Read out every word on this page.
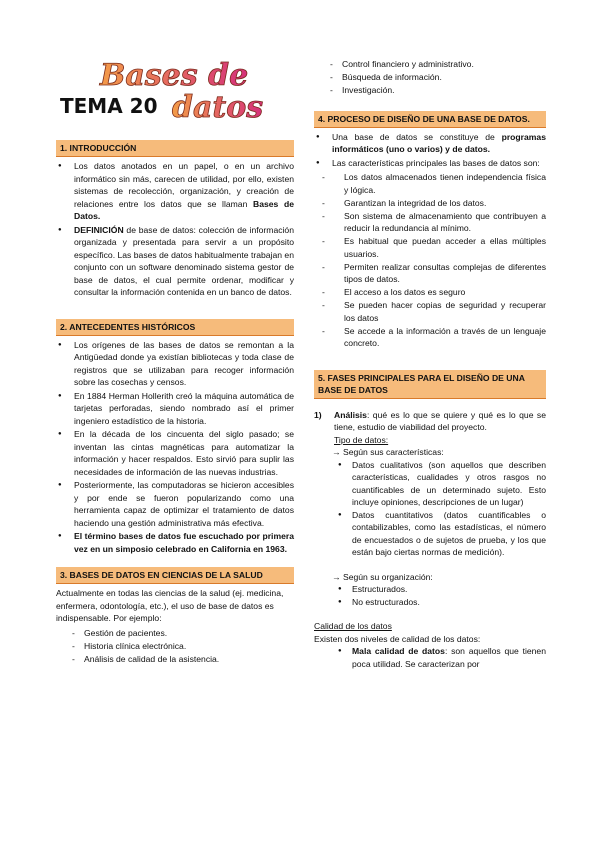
Bases de
TEMA 20 datos

1. INTRODUCCIÓN

● Los datos anotados en un papel, o en un archivo informático sin más, carecen de utilidad, por ello, existen sistemas de recolección, organización, y creación de relaciones entre los datos que se llaman Bases de Datos.
● DEFINICIÓN de base de datos: colección de información organizada y presentada para servir a un propósito específico. Las bases de datos habitualmente trabajan en conjunto con un software denominado sistema gestor de base de datos, el cual permite ordenar, modificar y consultar la información contenida en un banco de datos.

2. ANTECEDENTES HISTÓRICOS

● Los orígenes de las bases de datos se remontan a la Antigüedad donde ya existían bibliotecas y toda clase de registros que se utilizaban para recoger información sobre las cosechas y censos.
● En 1884 Herman Hollerith creó la máquina automática de tarjetas perforadas, siendo nombrado así el primer ingeniero estadístico de la historia.
● En la década de los cincuenta del siglo pasado; se inventan las cintas magnéticas para automatizar la información y hacer respaldos. Esto sirvió para suplir las necesidades de información de las nuevas industrias.
● Posteriormente, las computadoras se hicieron accesibles y por ende se fueron popularizando como una herramienta capaz de optimizar el tratamiento de datos haciendo una gestión administrativa más efectiva.
● El término bases de datos fue escuchado por primera vez en un simposio celebrado en California en 1963.

3. BASES DE DATOS EN CIENCIAS DE LA SALUD

Actualmente en todas las ciencias de la salud (ej. medicina, enfermera, odontología, etc.), el uso de base de datos es indispensable. Por ejemplo:

- Gestión de pacientes.
- Historia clínica electrónica.
- Análisis de calidad de la asistencia.
- Control financiero y administrativo.
- Búsqueda de información.
- Investigación.

4. PROCESO DE DISEÑO DE UNA BASE DE DATOS.

● Una base de datos se constituye de programas informáticos (uno o varios) y de datos.
● Las características principales las bases de datos son:
- Los datos almacenados tienen independencia física y lógica.
- Garantizan la integridad de los datos.
- Son sistema de almacenamiento que contribuyen a reducir la redundancia al mínimo.
- Es habitual que puedan acceder a ellas múltiples usuarios.
- Permiten realizar consultas complejas de diferentes tipos de datos.
- El acceso a los datos es seguro
- Se pueden hacer copias de seguridad y recuperar los datos
- Se accede a la información a través de un lenguaje concreto.

5. FASES PRINCIPALES PARA EL DISEÑO DE UNA BASE DE DATOS

1) Análisis: qué es lo que se quiere y qué es lo que se tiene, estudio de viabilidad del proyecto.

Tipo de datos:

→ Según sus características:

● Datos cualitativos (son aquellos que describen características, cualidades y otros rasgos no cuantificables de un determinado sujeto. Esto incluye opiniones, descripciones de un lugar)
● Datos cuantitativos (datos cuantificables o contabilizables, como las estadísticas, el número de encuestados o de sujetos de prueba, y los que están bajo ciertas normas de medición).

→ Según su organización:

● Estructurados.
● No estructurados.

Calidad de los datos

Existen dos niveles de calidad de los datos:

● Mala calidad de datos: son aquellos que tienen poca utilidad. Se caracterizan por
